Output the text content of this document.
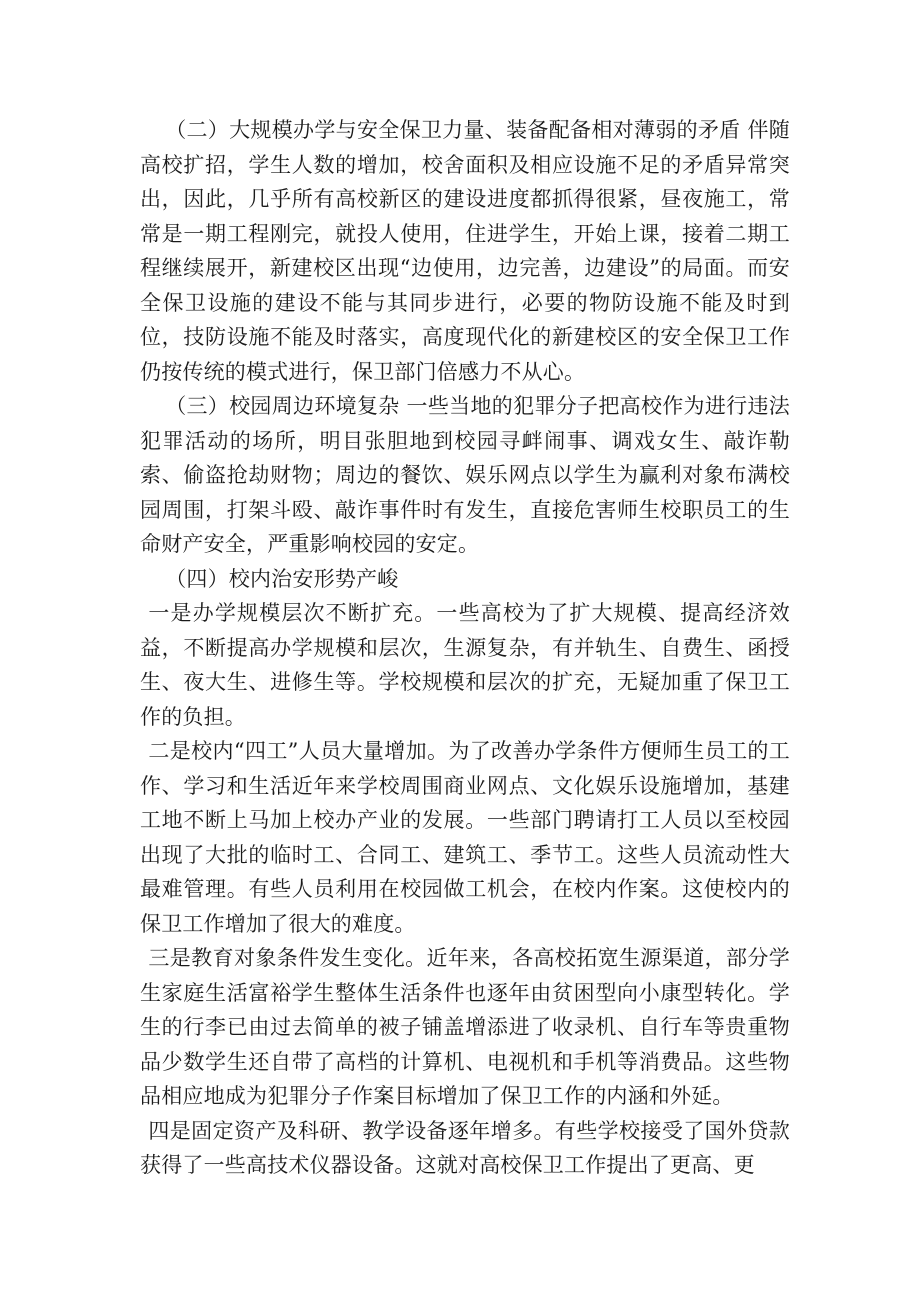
（二）大规模办学与安全保卫力量、装备配备相对薄弱的矛盾 伴随高校扩招，学生人数的增加，校舍面积及相应设施不足的矛盾异常突出，因此，几乎所有高校新区的建设进度都抓得很紧，昼夜施工，常常是一期工程刚完，就投人使用，住进学生，开始上课，接着二期工程继续展开，新建校区出现“边使用，边完善，边建设”的局面。而安全保卫设施的建设不能与其同步进行，必要的物防设施不能及时到位，技防设施不能及时落实，高度现代化的新建校区的安全保卫工作仍按传统的模式进行，保卫部门倍感力不从心。

（三）校园周边环境复杂 一些当地的犯罪分子把高校作为进行违法犯罪活动的场所，明目张胆地到校园寻衅闹事、调戏女生、敲诈勒索、偷盗抢劫财物；周边的餐饮、娱乐网点以学生为赢利对象布满校园周围，打架斗殴、敲诈事件时有发生，直接危害师生校职员工的生命财产安全，严重影响校园的安定。

（四）校内治安形势产峻

一是办学规模层次不断扩充。一些高校为了扩大规模、提高经济效益，不断提高办学规模和层次，生源复杂，有并轨生、自费生、函授生、夜大生、进修生等。学校规模和层次的扩充，无疑加重了保卫工作的负担。

二是校内“四工”人员大量增加。为了改善办学条件方便师生员工的工作、学习和生活近年来学校周围商业网点、文化娱乐设施增加，基建工地不断上马加上校办产业的发展。一些部门聘请打工人员以至校园出现了大批的临时工、合同工、建筑工、季节工。这些人员流动性大最难管理。有些人员利用在校园做工机会，在校内作案。这使校内的保卫工作增加了很大的难度。

三是教育对象条件发生变化。近年来，各高校拓宽生源渠道，部分学生家庭生活富裕学生整体生活条件也逐年由贫困型向小康型转化。学生的行李已由过去简单的被子铺盖增添进了收录机、自行车等贵重物品少数学生还自带了高档的计算机、电视机和手机等消费品。这些物品相应地成为犯罪分子作案目标增加了保卫工作的内涵和外延。

四是固定资产及科研、教学设备逐年增多。有些学校接受了国外贷款获得了一些高技术仪器设备。这就对高校保卫工作提出了更高、更
